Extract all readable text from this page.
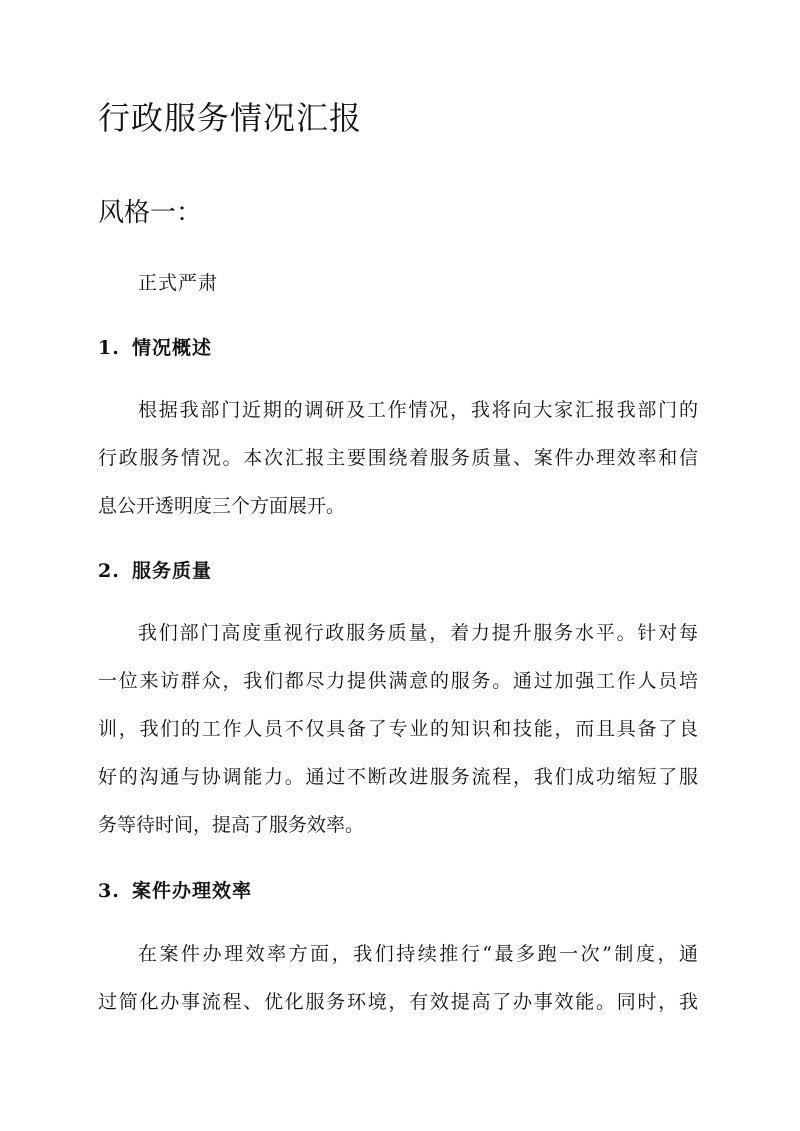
行政服务情况汇报
风格一：
正式严肃
1. 情况概述
根据我部门近期的调研及工作情况，我将向大家汇报我部门的
行政服务情况。本次汇报主要围绕着服务质量、案件办理效率和信
息公开透明度三个方面展开。
2. 服务质量
我们部门高度重视行政服务质量，着力提升服务水平。针对每
一位来访群众，我们都尽力提供满意的服务。通过加强工作人员培
训，我们的工作人员不仅具备了专业的知识和技能，而且具备了良
好的沟通与协调能力。通过不断改进服务流程，我们成功缩短了服
务等待时间，提高了服务效率。
3. 案件办理效率
在案件办理效率方面，我们持续推行“最多跑一次”制度，通
过简化办事流程、优化服务环境，有效提高了办事效能。同时，我
